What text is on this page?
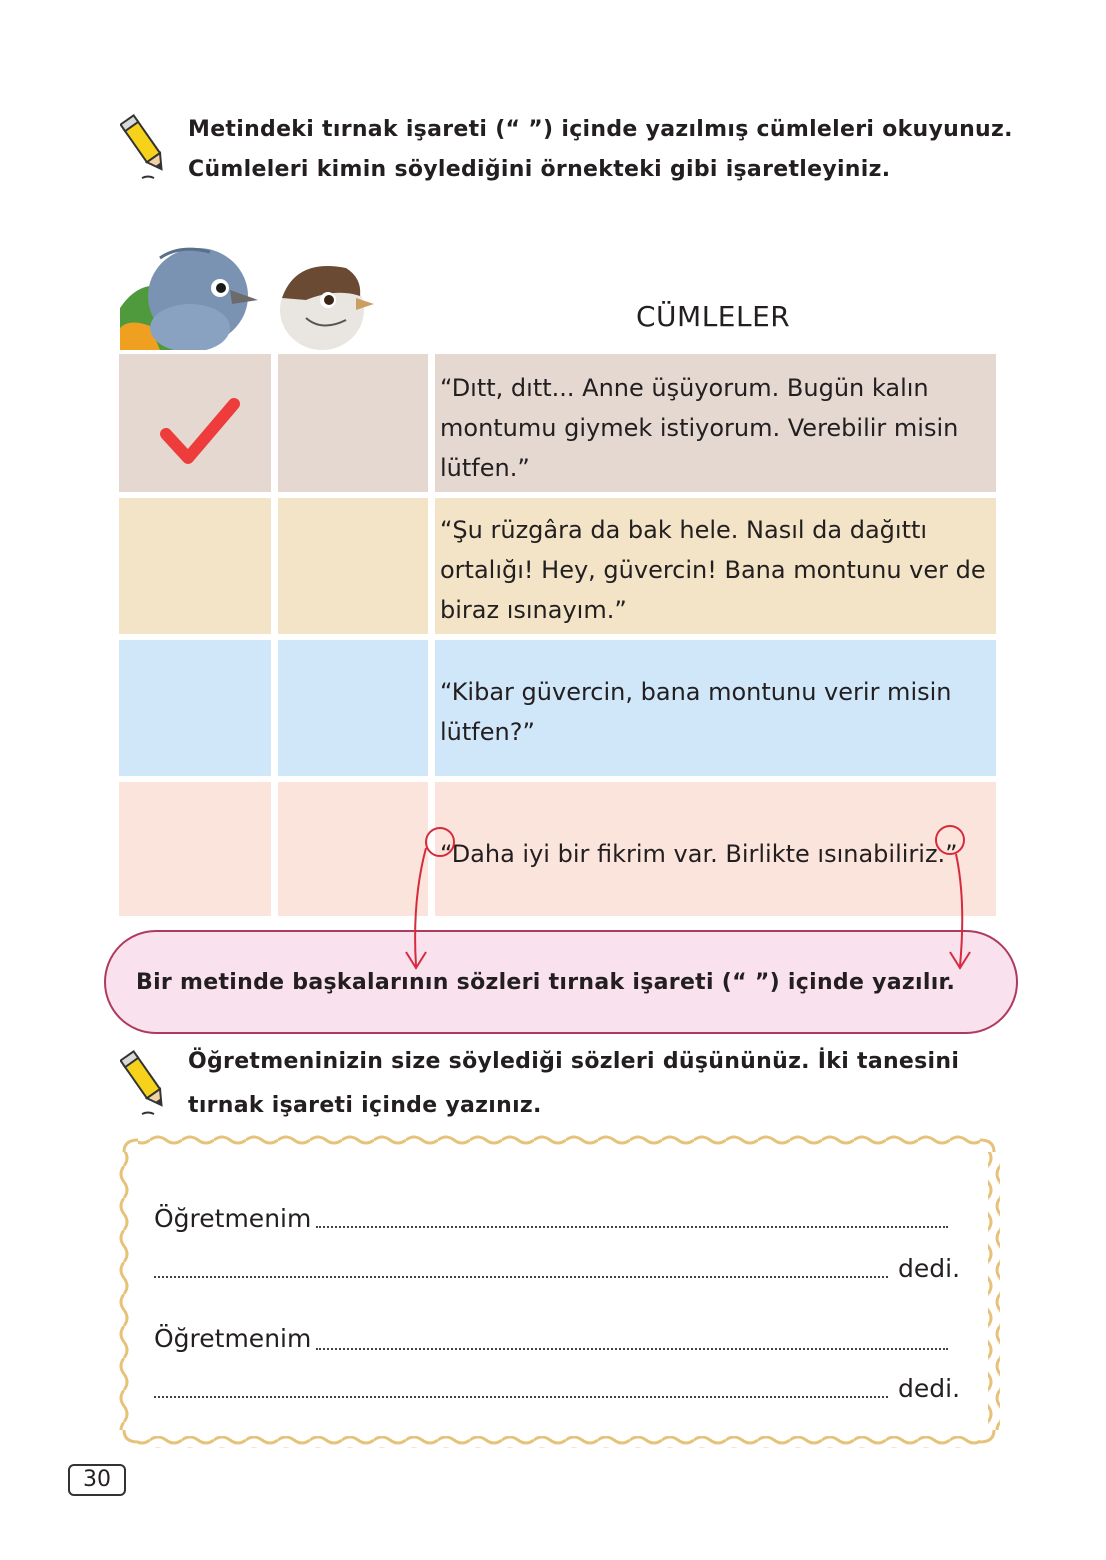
Metindeki tırnak işareti (“ ”) içinde yazılmış cümleleri okuyunuz.
Cümleleri kimin söylediğini örnekteki gibi işaretleyiniz.
CÜMLELER
“Dıtt, dıtt... Anne üşüyorum. Bugün kalın
montumu giymek istiyorum. Verebilir misin
lütfen.”
“Şu rüzgâra da bak hele. Nasıl da dağıttı
ortalığı! Hey, güvercin! Bana montunu ver de
biraz ısınayım.”
“Kibar güvercin, bana montunu verir misin
lütfen?”
“Daha iyi bir fikrim var. Birlikte ısınabiliriz.”
Bir metinde başkalarının sözleri tırnak işareti (“ ”) içinde yazılır.
Öğretmeninizin size söylediği sözleri düşününüz. İki tanesini
tırnak işareti içinde yazınız.
Öğretmenim
dedi.
Öğretmenim
dedi.
30
